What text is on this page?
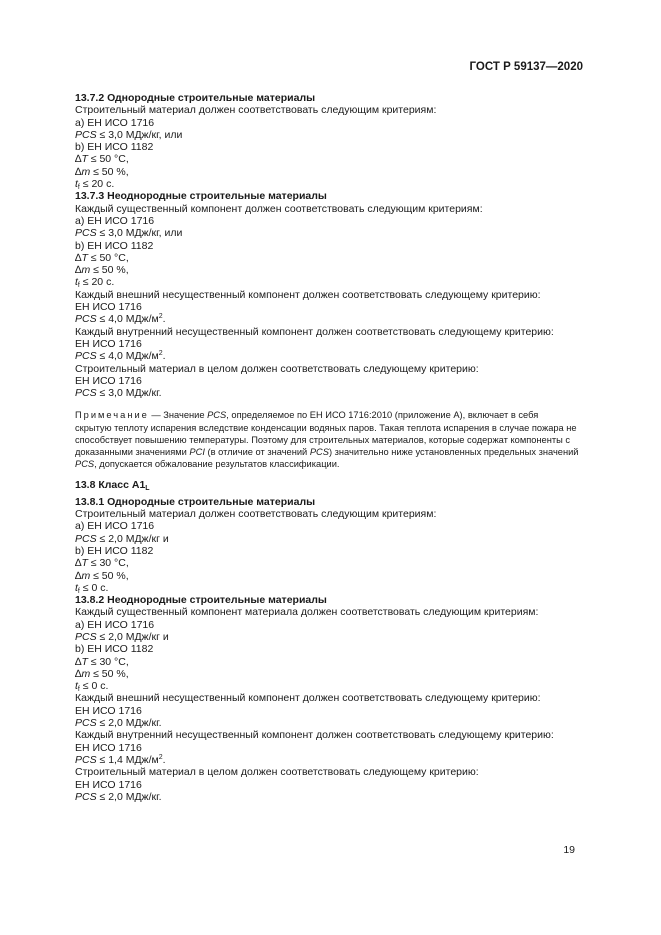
ГОСТ Р 59137—2020
13.7.2 Однородные строительные материалы
Строительный материал должен соответствовать следующим критериям:
a) ЕН ИСО 1716
PCS ≤ 3,0 МДж/кг, или
b) ЕН ИСО 1182
∆T ≤ 50 °С,
∆m ≤ 50 %,
$t_f \le 20$ с.
13.7.3 Неоднородные строительные материалы
Каждый существенный компонент должен соответствовать следующим критериям:
a) ЕН ИСО 1716
PCS ≤ 3,0 МДж/кг, или
b) ЕН ИСО 1182
∆T ≤ 50 °С,
∆m ≤ 50 %,
$t_f \le 20$ с.
Каждый внешний несущественный компонент должен соответствовать следующему критерию:
ЕН ИСО 1716
PCS ≤ 4,0 МДж/$м^2$.
Каждый внутренний несущественный компонент должен соответствовать следующему критерию:
ЕН ИСО 1716
PCS ≤ 4,0 МДж/$м^2$.
Строительный материал в целом должен соответствовать следующему критерию:
ЕН ИСО 1716
PCS ≤ 3,0 МДж/кг.
Примечание — Значение PCS, определяемое по ЕН ИСО 1716:2010 (приложение А), включает в себя
скрытую теплоту испарения вследствие конденсации водяных паров. Такая теплота испарения в случае пожара не
способствует повышению температуры. Поэтому для строительных материалов, которые содержат компоненты с
доказанными значениями PCI (в отличие от значений PCS) значительно ниже установленных предельных значений
PCS, допускается обжалование результатов классификации.
13.8 Класс $A1_L$
13.8.1 Однородные строительные материалы
Строительный материал должен соответствовать следующим критериям:
a) ЕН ИСО 1716
PCS ≤ 2,0 МДж/кг и
b) ЕН ИСО 1182
∆T ≤ 30 °С,
∆m ≤ 50 %,
$t_f \le 0$ с.
13.8.2 Неоднородные строительные материалы
Каждый существенный компонент материала должен соответствовать следующим критериям:
a) ЕН ИСО 1716
PCS ≤ 2,0 МДж/кг и
b) ЕН ИСО 1182
∆T ≤ 30 °С,
∆m ≤ 50 %,
$t_f \le 0$ с.
Каждый внешний несущественный компонент должен соответствовать следующему критерию:
ЕН ИСО 1716
PCS ≤ 2,0 МДж/кг.
Каждый внутренний несущественный компонент должен соответствовать следующему критерию:
ЕН ИСО 1716
PCS ≤ 1,4 МДж/$м^2$.
Строительный материал в целом должен соответствовать следующему критерию:
ЕН ИСО 1716
PCS ≤ 2,0 МДж/кг.
19
